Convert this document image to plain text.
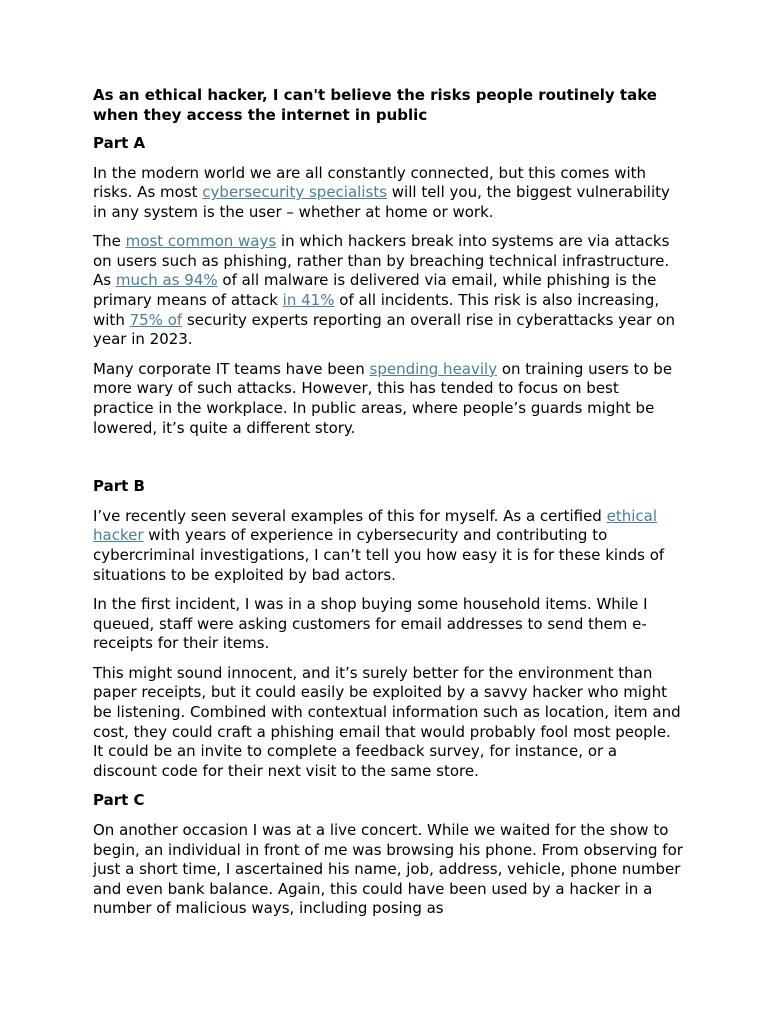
As an ethical hacker, I can't believe the risks people routinely take when they access the internet in public
Part A

In the modern world we are all constantly connected, but this comes with risks. As most cybersecurity specialists will tell you, the biggest vulnerability in any system is the user – whether at home or work.

The most common ways in which hackers break into systems are via attacks on users such as phishing, rather than by breaching technical infrastructure. As much as 94% of all malware is delivered via email, while phishing is the primary means of attack in 41% of all incidents. This risk is also increasing, with 75% of security experts reporting an overall rise in cyberattacks year on year in 2023.

Many corporate IT teams have been spending heavily on training users to be more wary of such attacks. However, this has tended to focus on best practice in the workplace. In public areas, where people’s guards might be lowered, it’s quite a different story.

Part B

I’ve recently seen several examples of this for myself. As a certified ethical hacker with years of experience in cybersecurity and contributing to cybercriminal investigations, I can’t tell you how easy it is for these kinds of situations to be exploited by bad actors.

In the first incident, I was in a shop buying some household items. While I queued, staff were asking customers for email addresses to send them e-receipts for their items.

This might sound innocent, and it’s surely better for the environment than paper receipts, but it could easily be exploited by a savvy hacker who might be listening. Combined with contextual information such as location, item and cost, they could craft a phishing email that would probably fool most people. It could be an invite to complete a feedback survey, for instance, or a discount code for their next visit to the same store.

Part C

On another occasion I was at a live concert. While we waited for the show to begin, an individual in front of me was browsing his phone. From observing for just a short time, I ascertained his name, job, address, vehicle, phone number and even bank balance. Again, this could have been used by a hacker in a number of malicious ways, including posing as
